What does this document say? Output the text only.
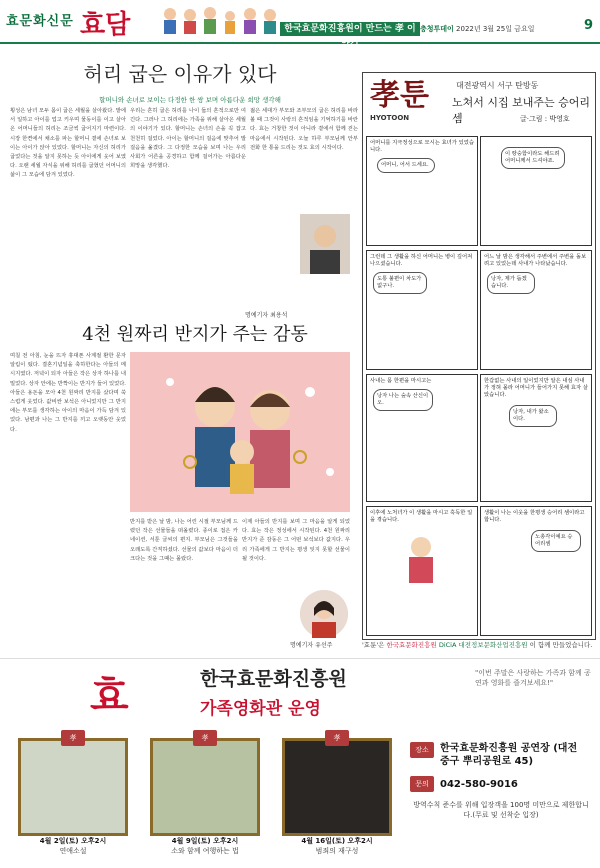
효문화신문 효담	한국효문화진흥원이 만드는 孝 이야기
충청투데이 2022년 3월 25일 금요일	9
허리 굽은 이유가 있다
할머니와 손녀로 보이는 다정한 한 쌍 보며 아름다운 희망 생각해
횡성은 남녀 모두 몸이 굽은 세월을 살아왔다. 밭에서 일하고 아이를 업고 키우며 물동이를 이고 살아온 어머니들의 허리는 조금씩 굽어지기 마련이다. 시장 한켠에서 채소를 파는 할머니 곁에 손녀로 보이는 아이가 앉아 있었다. 할머니는 자신의 허리가 굽었다는 것을 알지 못하는 듯 아이에게 웃어 보였다. 오랜 세월 자식을 위해 허리를 굽혔던 어머니의 삶이 그 모습에 담겨 있었다.
우리는 흔히 굽은 허리를 나이 듦의 흔적으로만 여긴다. 그러나 그 허리에는 가족을 위해 살아온 세월의 이야기가 있다. 할머니는 손녀의 손을 꼭 잡고 천천히 걸었다. 아이는 할머니의 걸음에 맞추어 발걸음을 옮겼다. 그 다정한 모습을 보며 나는 우리 사회가 어른을 공경하고 함께 걸어가는 아름다운 희망을 생각했다.
젊은 세대가 부모와 조부모의 굽은 허리를 바라볼 때 그것이 사랑의 흔적임을 기억하기를 바란다. 효는 거창한 것이 아니라 곁에서 함께 걷는 마음에서 시작된다. 오늘 하루 부모님께 안부 전화 한 통을 드리는 것도 효의 시작이다.
명예기자 최용석
4천 원짜리 반지가 주는 감동
며칠 전 아침, 눈을 뜨자 휴대폰 사계절 환한 문자 알림이 떴다. 결혼기념일을 축하한다는 아들의 메시지였다. 저녁이 되자 아들은 작은 상자 하나를 내밀었다. 상자 안에는 반짝이는 반지가 들어 있었다. 아들은 용돈을 모아 4천 원짜리 반지를 샀다며 쑥스럽게 웃었다. 값비싼 보석은 아니었지만 그 반지에는 부모를 생각하는 아이의 마음이 가득 담겨 있었다. 남편과 나는 그 반지를 끼고 오랫동안 웃었다.
반지를 받은 날 밤, 나는 어린 시절 부모님께 드렸던 작은 선물들을 떠올렸다. 종이로 접은 카네이션, 서툰 글씨의 편지. 부모님은 그것들을 오래도록 간직하셨다. 선물의 값보다 마음이 더 크다는 것을 그때는 몰랐다.
이제 아들의 반지를 보며 그 마음을 알게 되었다. 효는 작은 정성에서 시작된다. 4천 원짜리 반지가 준 감동은 그 어떤 보석보다 값지다. 우리 가족에게 그 반지는 평생 잊지 못할 선물이 될 것이다.
명예기자 유선주
孝툰
HYOTOON
대전광역시 서구 탄방동
노쳐서 시집 보내주는 승어리셈	글·그림 : 박영호
어머니를 지극정성으로 모시는 효녀가 있었습니다.
어머니, 어서 드세요.
이 땅숭함이라도 해드려 어머니께서 드셔야죠.
그런데 그 생활을 하신 어머니는 병이 깊어져 나으셨습니다.
도통 불편이 차도가 없구나.
어느 날 밤은 생각해서 주변에서 주변을 돌보려고 있었는데 사내가 나타났습니다.
낭자, 제가 돕겠습니다.
사내는 몸 한편을 마시고는
낭자 나는 숲속 산신이오.
한갑없는 사내의 일이었지만 알은 내심 사내가 정혀 몰라 어머니가 들어가지 못해 효자 살았습니다.
낭자, 내가 왔소이다.
이후에 노처녀가 이 생활을 마시고 혹독한 일을 겪습니다.
생활이 나는 이웃을 한평생 승어리 셈이라고 합니다.
노총각이예요 승어리셈
'효툰'은 한국효문화진흥원 DiCiA 대전정보문화산업진흥원 이 함께 만들었습니다.
효	한국효문화진흥원
가족영화관 운영
"이번 주말은 사랑하는 가족과 함께 공연과 영화를 즐겨보세요!"
孝
4월 2일(토) 오후2시
연애소설
孝
4월 9일(토) 오후2시
소와 함께 여행하는 법
孝
4월 16일(토) 오후2시
범죄의 재구성
장소	한국효문화진흥원 공연장 (대전 중구 뿌리공원로 45)
문의	042-580-9016
방역수칙 준수를 위해 입장객을 100명 미만으로 제한합니다.(무료 및 선착순 입장)
